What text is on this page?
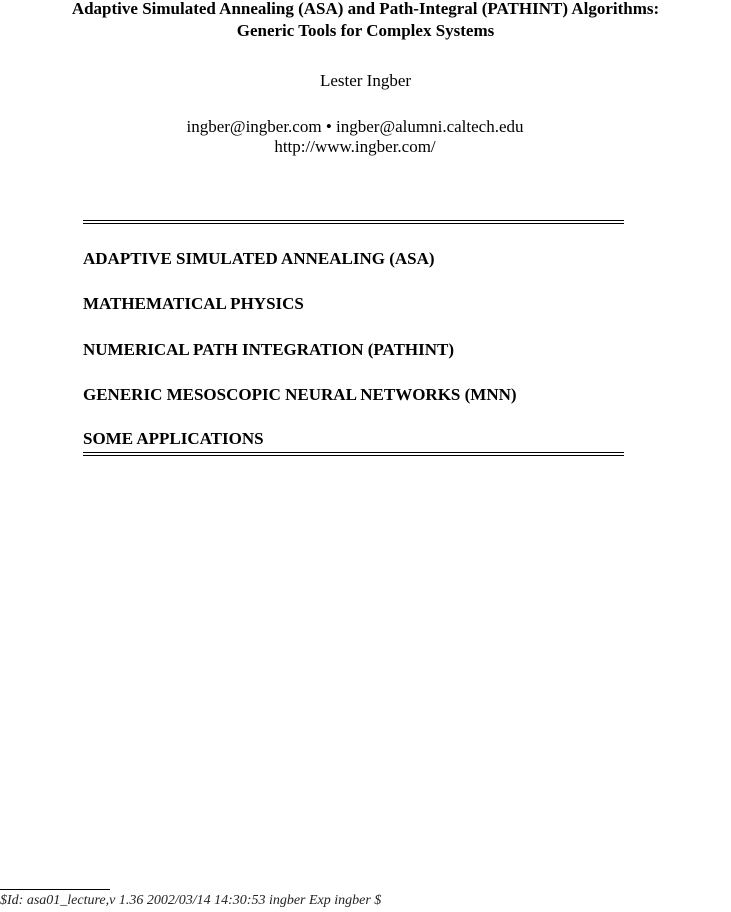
Adaptive Simulated Annealing (ASA) and Path-Integral (PATHINT) Algorithms:
Generic Tools for Complex Systems
Lester Ingber
ingber@ingber.com • ingber@alumni.caltech.edu
http://www.ingber.com/
ADAPTIVE SIMULATED ANNEALING (ASA)
MATHEMATICAL PHYSICS
NUMERICAL PATH INTEGRATION (PATHINT)
GENERIC MESOSCOPIC NEURAL NETWORKS (MNN)
SOME APPLICATIONS
$Id: asa01_lecture,v 1.36 2002/03/14 14:30:53 ingber Exp ingber $
